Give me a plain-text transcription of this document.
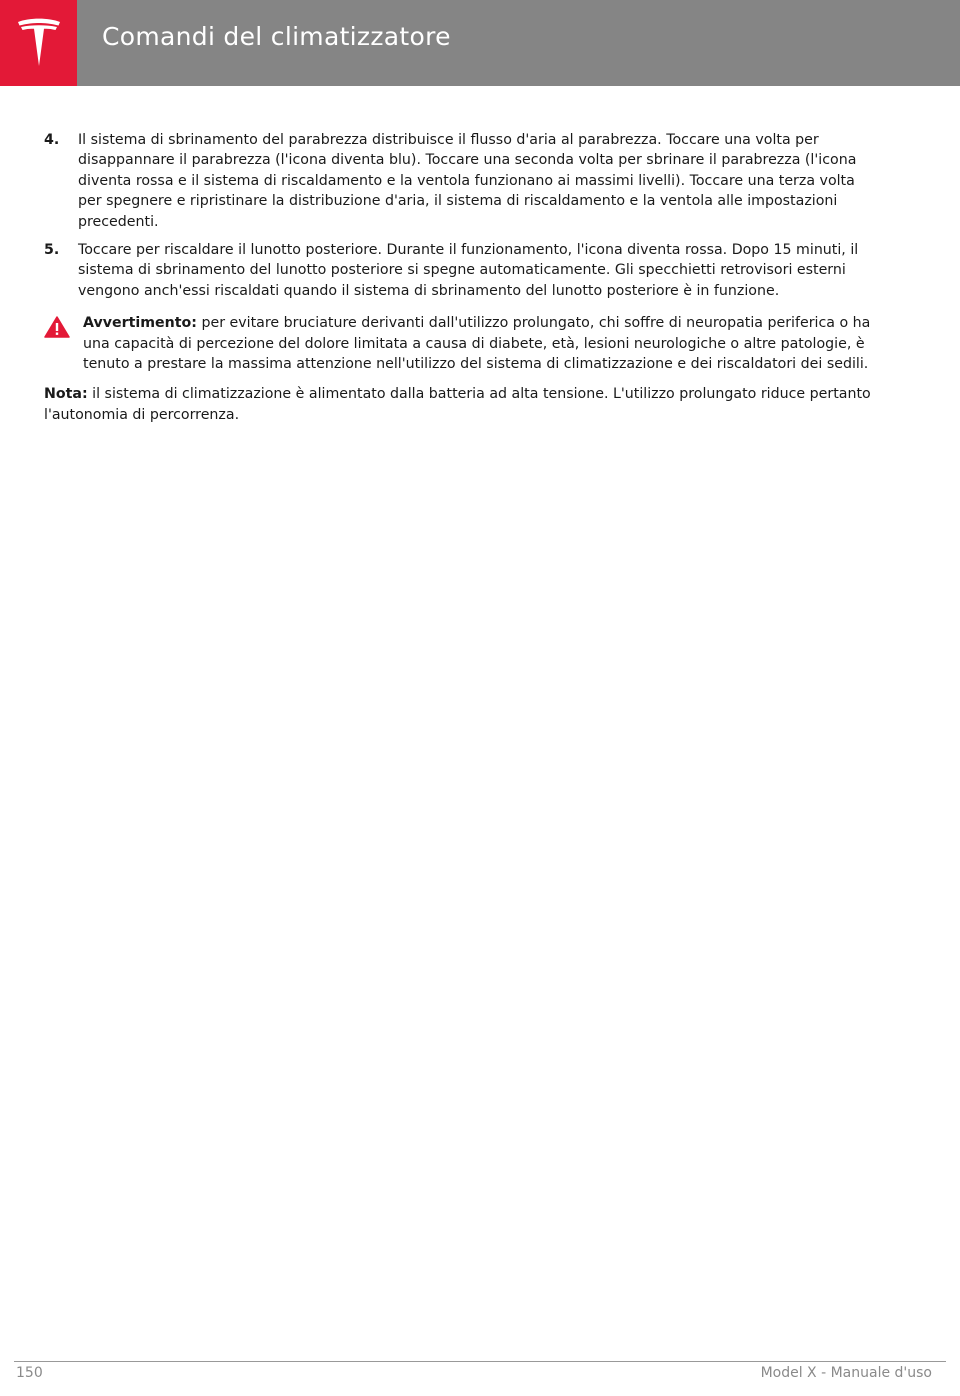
Comandi del climatizzatore
4. Il sistema di sbrinamento del parabrezza distribuisce il flusso d'aria al parabrezza. Toccare una volta per disappannare il parabrezza (l'icona diventa blu). Toccare una seconda volta per sbrinare il parabrezza (l'icona diventa rossa e il sistema di riscaldamento e la ventola funzionano ai massimi livelli). Toccare una terza volta per spegnere e ripristinare la distribuzione d'aria, il sistema di riscaldamento e la ventola alle impostazioni precedenti.
5. Toccare per riscaldare il lunotto posteriore. Durante il funzionamento, l'icona diventa rossa. Dopo 15 minuti, il sistema di sbrinamento del lunotto posteriore si spegne automaticamente. Gli specchietti retrovisori esterni vengono anch'essi riscaldati quando il sistema di sbrinamento del lunotto posteriore è in funzione.
Avvertimento: per evitare bruciature derivanti dall'utilizzo prolungato, chi soffre di neuropatia periferica o ha una capacità di percezione del dolore limitata a causa di diabete, età, lesioni neurologiche o altre patologie, è tenuto a prestare la massima attenzione nell'utilizzo del sistema di climatizzazione e dei riscaldatori dei sedili.
Nota: il sistema di climatizzazione è alimentato dalla batteria ad alta tensione. L'utilizzo prolungato riduce pertanto l'autonomia di percorrenza.
150	Model X - Manuale d'uso
